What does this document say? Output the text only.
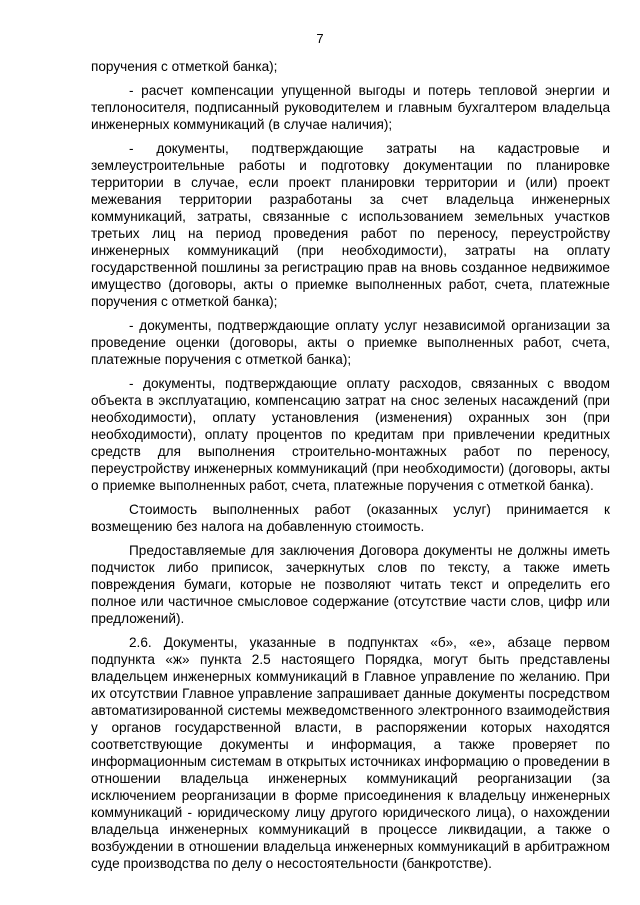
7

поручения с отметкой банка);

- расчет компенсации упущенной выгоды и потерь тепловой энергии и теплоносителя, подписанный руководителем и главным бухгалтером владельца инженерных коммуникаций (в случае наличия);

- документы, подтверждающие затраты на кадастровые и землеустроительные работы и подготовку документации по планировке территории в случае, если проект планировки территории и (или) проект межевания территории разработаны за счет владельца инженерных коммуникаций, затраты, связанные с использованием земельных участков третьих лиц на период проведения работ по переносу, переустройству инженерных коммуникаций (при необходимости), затраты на оплату государственной пошлины за регистрацию прав на вновь созданное недвижимое имущество (договоры, акты о приемке выполненных работ, счета, платежные поручения с отметкой банка);

- документы, подтверждающие оплату услуг независимой организации за проведение оценки (договоры, акты о приемке выполненных работ, счета, платежные поручения с отметкой банка);

- документы, подтверждающие оплату расходов, связанных с вводом объекта в эксплуатацию, компенсацию затрат на снос зеленых насаждений (при необходимости), оплату установления (изменения) охранных зон (при необходимости), оплату процентов по кредитам при привлечении кредитных средств для выполнения строительно-монтажных работ по переносу, переустройству инженерных коммуникаций (при необходимости) (договоры, акты о приемке выполненных работ, счета, платежные поручения с отметкой банка).

Стоимость выполненных работ (оказанных услуг) принимается к возмещению без налога на добавленную стоимость.

Предоставляемые для заключения Договора документы не должны иметь подчисток либо приписок, зачеркнутых слов по тексту, а также иметь повреждения бумаги, которые не позволяют читать текст и определить его полное или частичное смысловое содержание (отсутствие части слов, цифр или предложений).

2.6. Документы, указанные в подпунктах «б», «е», абзаце первом подпункта «ж» пункта 2.5 настоящего Порядка, могут быть представлены владельцем инженерных коммуникаций в Главное управление по желанию. При их отсутствии Главное управление запрашивает данные документы посредством автоматизированной системы межведомственного электронного взаимодействия у органов государственной власти, в распоряжении которых находятся соответствующие документы и информация, а также проверяет по информационным системам в открытых источниках информацию о проведении в отношении владельца инженерных коммуникаций реорганизации (за исключением реорганизации в форме присоединения к владельцу инженерных коммуникаций - юридическому лицу другого юридического лица), о нахождении владельца инженерных коммуникаций в процессе ликвидации, а также о возбуждении в отношении владельца инженерных коммуникаций в арбитражном суде производства по делу о несостоятельности (банкротстве).
